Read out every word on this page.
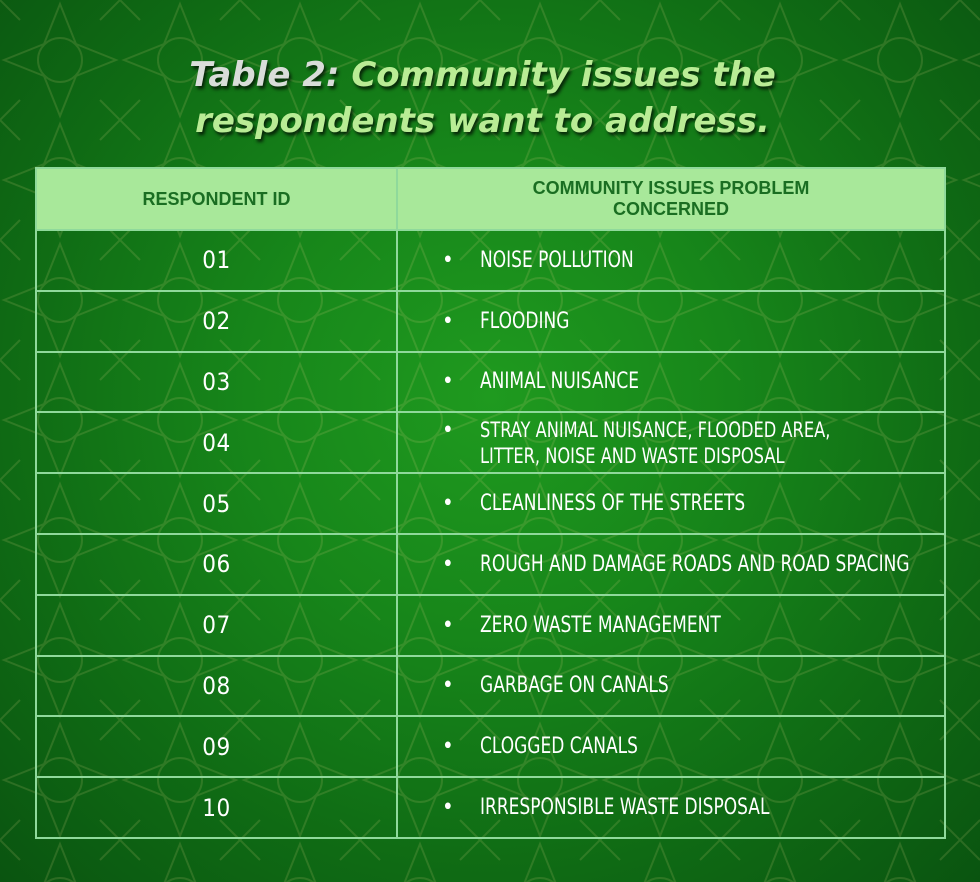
Table 2: Community issues the
respondents want to address.
RESPONDENT ID	COMMUNITY ISSUES PROBLEM CONCERNED

01	• NOISE POLLUTION

02	• FLOODING

03	• ANIMAL NUISANCE

04	• STRAY ANIMAL NUISANCE, FLOODED AREA, LITTER, NOISE AND WASTE DISPOSAL

05	• CLEANLINESS OF THE STREETS

06	• ROUGH AND DAMAGE ROADS AND ROAD SPACING

07	• ZERO WASTE MANAGEMENT

08	• GARBAGE ON CANALS

09	• CLOGGED CANALS

10	• IRRESPONSIBLE WASTE DISPOSAL
